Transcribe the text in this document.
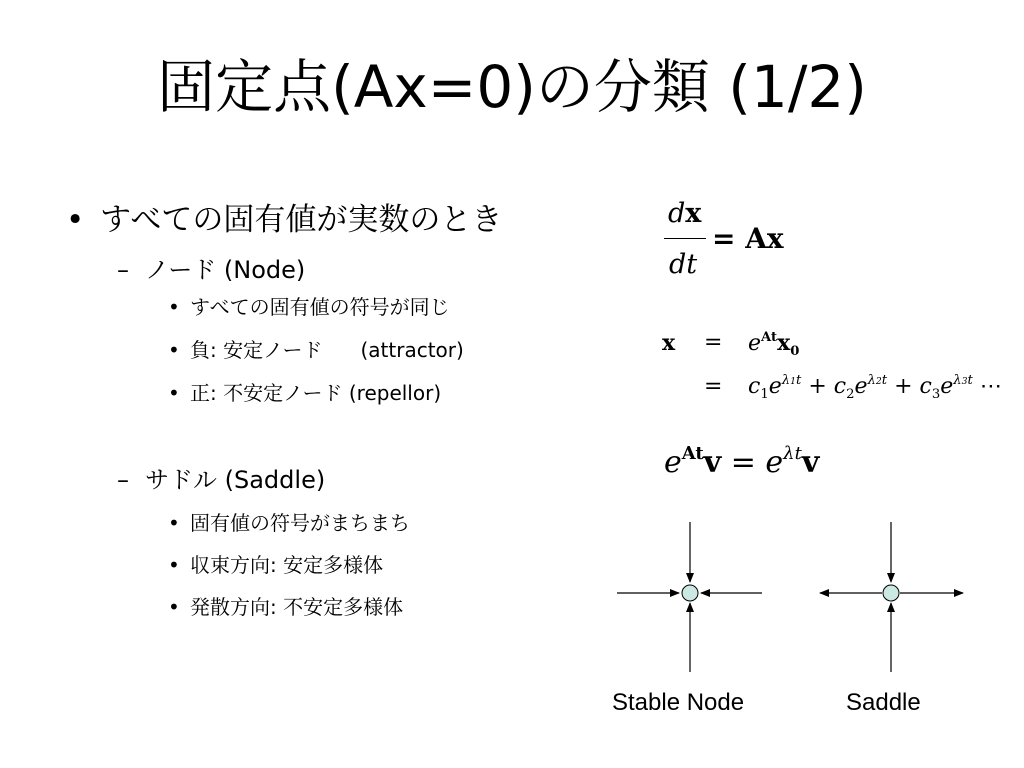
固定点(Ax=0)の分類 (1/2)
• すべての固有値が実数のとき
– ノード (Node)
• すべての固有値の符号が同じ
• 負: 安定ノード (attractor)
• 正: 不安定ノード (repellor)
– サドル (Saddle)
• 固有値の符号がまちまち
• 収束方向: 安定多様体
• 発散方向: 不安定多様体
dx
dt
= Ax
$x = e^{At}x_0$
= $c_1e^{\lambda 1t} + c_2e^{\lambda 2t} + c_3e^{\lambda 3t}$ ⋯
$e^{At}v = e^{\lambda t}v$
Stable Node	Saddle
